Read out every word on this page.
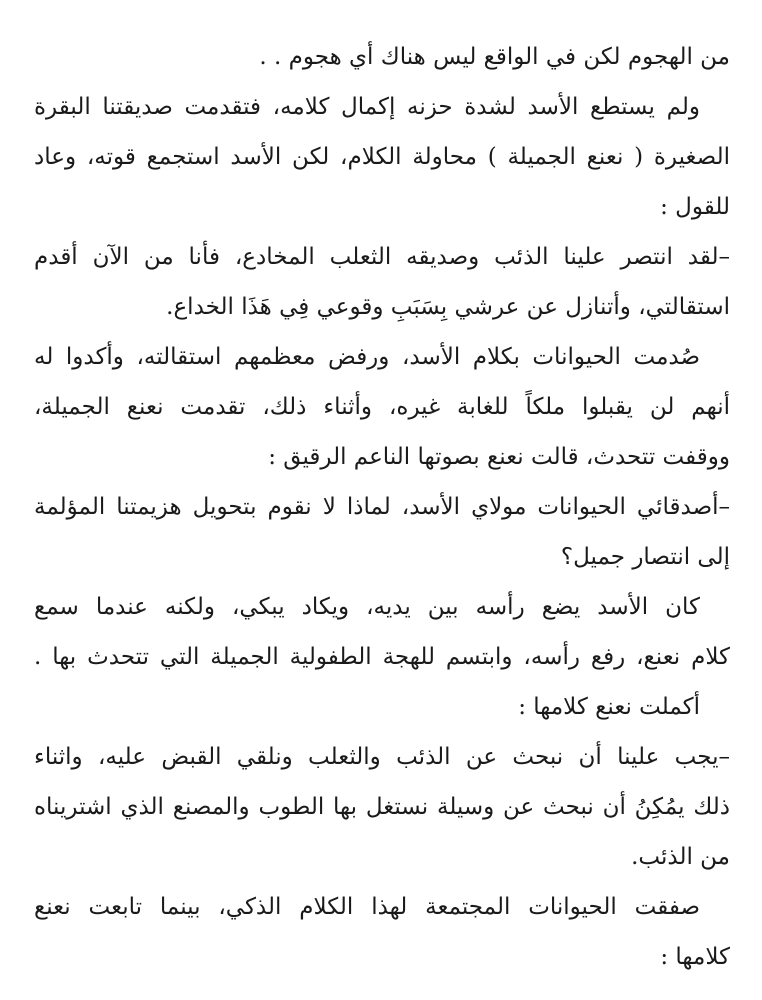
من الهجوم لكن في الواقع ليس هناك أي هجوم . .
ولم يستطع الأسد لشدة حزنه إكمال كلامه، فتقدمت صديقتنا البقرة
الصغيرة ( نعنع الجميلة ) محاولة الكلام، لكن الأسد استجمع قوته، وعاد
للقول :
–لقد انتصر علينا الذئب وصديقه الثعلب المخادع، فأنا من الآن أقدم
استقالتي، وأتنازل عن عرشي بِسَبَبِ وقوعي فِي هَذَا الخداع.
صُدمت الحيوانات بكلام الأسد، ورفض معظمهم استقالته، وأكدوا له
أنهم لن يقبلوا ملكاً للغابة غيره، وأثناء ذلك، تقدمت نعنع الجميلة،
ووقفت تتحدث، قالت نعنع بصوتها الناعم الرقيق :
–أصدقائي الحيوانات مولاي الأسد، لماذا لا نقوم بتحويل هزيمتنا المؤلمة
إلى انتصار جميل؟
كان الأسد يضع رأسه بين يديه، ويكاد يبكي، ولكنه عندما سمع
كلام نعنع، رفع رأسه، وابتسم للهجة الطفولية الجميلة التي تتحدث بها .
أكملت نعنع كلامها :
–يجب علينا أن نبحث عن الذئب والثعلب ونلقي القبض عليه، واثناء
ذلك يمُكِنُ أن نبحث عن وسيلة نستغل بها الطوب والمصنع الذي اشتريناه
من الذئب.
صفقت الحيوانات المجتمعة لهذا الكلام الذكي، بينما تابعت نعنع
كلامها :
